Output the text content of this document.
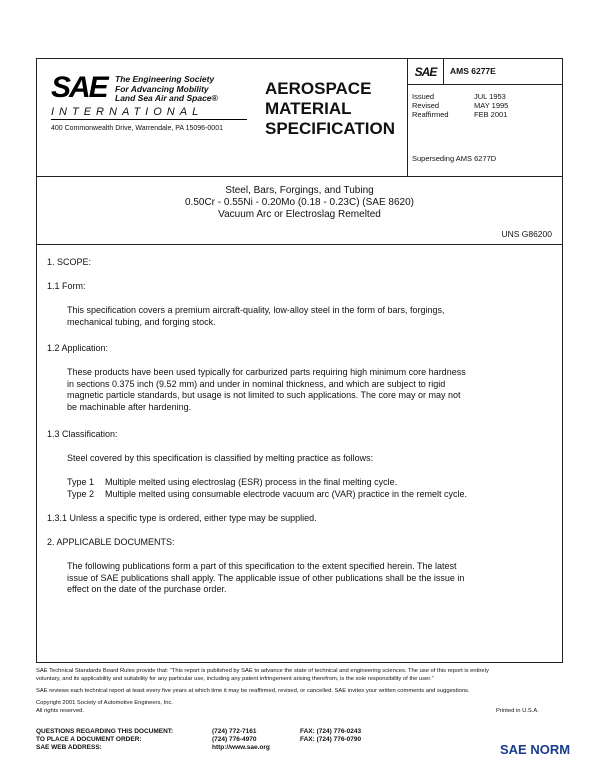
SAE The Engineering Society
For Advancing Mobility
Land Sea Air and Space®
INTERNATIONAL
400 Commonwealth Drive, Warrendale, PA 15096-0001
AEROSPACE
MATERIAL
SPECIFICATION
SAE	AMS 6277E
Issued	JUL 1953
Revised	MAY 1995
Reaffirmed	FEB 2001
Superseding AMS 6277D
Steel, Bars, Forgings, and Tubing
0.50Cr - 0.55Ni - 0.20Mo (0.18 - 0.23C) (SAE 8620)
Vacuum Arc or Electroslag Remelted
UNS G86200
1. SCOPE:
1.1 Form:
This specification covers a premium aircraft-quality, low-alloy steel in the form of bars, forgings,
mechanical tubing, and forging stock.
1.2 Application:
These products have been used typically for carburized parts requiring high minimum core hardness
in sections 0.375 inch (9.52 mm) and under in nominal thickness, and which are subject to rigid
magnetic particle standards, but usage is not limited to such applications. The core may or may not
be machinable after hardening.
1.3 Classification:
Steel covered by this specification is classified by melting practice as follows:
Type 1	Multiple melted using electroslag (ESR) process in the final melting cycle.
Type 2	Multiple melted using consumable electrode vacuum arc (VAR) practice in the remelt cycle.
1.3.1 Unless a specific type is ordered, either type may be supplied.
2. APPLICABLE DOCUMENTS:
The following publications form a part of this specification to the extent specified herein. The latest
issue of SAE publications shall apply. The applicable issue of other publications shall be the issue in
effect on the date of the purchase order.
SAE Technical Standards Board Rules provide that: “This report is published by SAE to advance the state of technical and engineering sciences. The use of this report is entirely
voluntary, and its applicability and suitability for any particular use, including any patent infringement arising therefrom, is the sole responsibility of the user.”
SAE reviews each technical report at least every five years at which time it may be reaffirmed, revised, or cancelled. SAE invites your written comments and suggestions.
Copyright 2001 Society of Automotive Engineers, Inc.
All rights reserved.	Printed in U.S.A.
QUESTIONS REGARDING THIS DOCUMENT:	(724) 772-7161	FAX: (724) 776-0243
TO PLACE A DOCUMENT ORDER:	(724) 776-4970	FAX: (724) 776-0790
SAE WEB ADDRESS:	http://www.sae.org	SAE NORM
